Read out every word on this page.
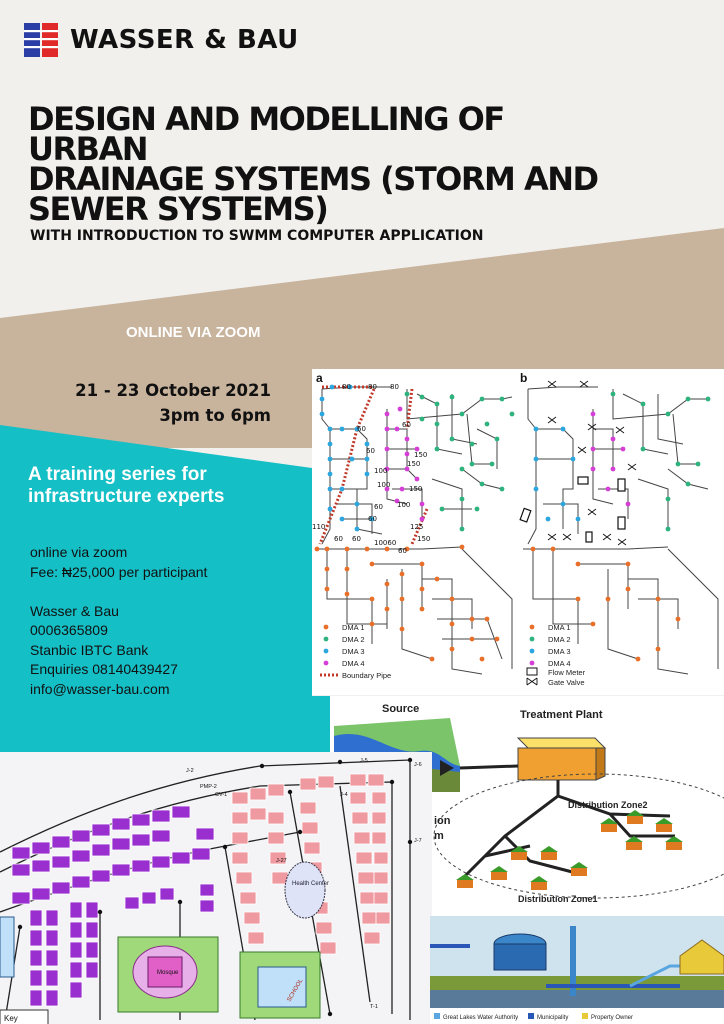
WASSER & BAU
DESIGN AND MODELLING OF URBAN
DRAINAGE SYSTEMS (STORM AND
SEWER SYSTEMS)
WITH INTRODUCTION TO SWMM COMPUTER APPLICATION
ONLINE VIA ZOOM
21 - 23 October 2021
3pm to 6pm
A training series for
infrastructure experts
online via zoom
Fee: ₦25,000 per participant
Wasser & Bau
0006365809
Stanbic IBTC Bank
Enquiries 08140439427
info@wasser-bau.com
a	b
80 80 80
60	60
60	150
150
100
150
100
110
60 60
60
125
150
10060
60
60
100
DMA 1
DMA 2
DMA 3
DMA 4
Boundary Pipe
DMA 1
DMA 2
DMA 3
DMA 4
Flow Meter
Gate Valve
Source	Treatment Plant
ion
m
Distribution Zone2
Distribution Zone1
Health Center
Mosque
SCHOOL
J-2
PMP-2
CV-1
J-5
J-6
J-7
J-4
J-27
T-1
Key	Great Lakes Water Authority	Municipality	Property Owner
